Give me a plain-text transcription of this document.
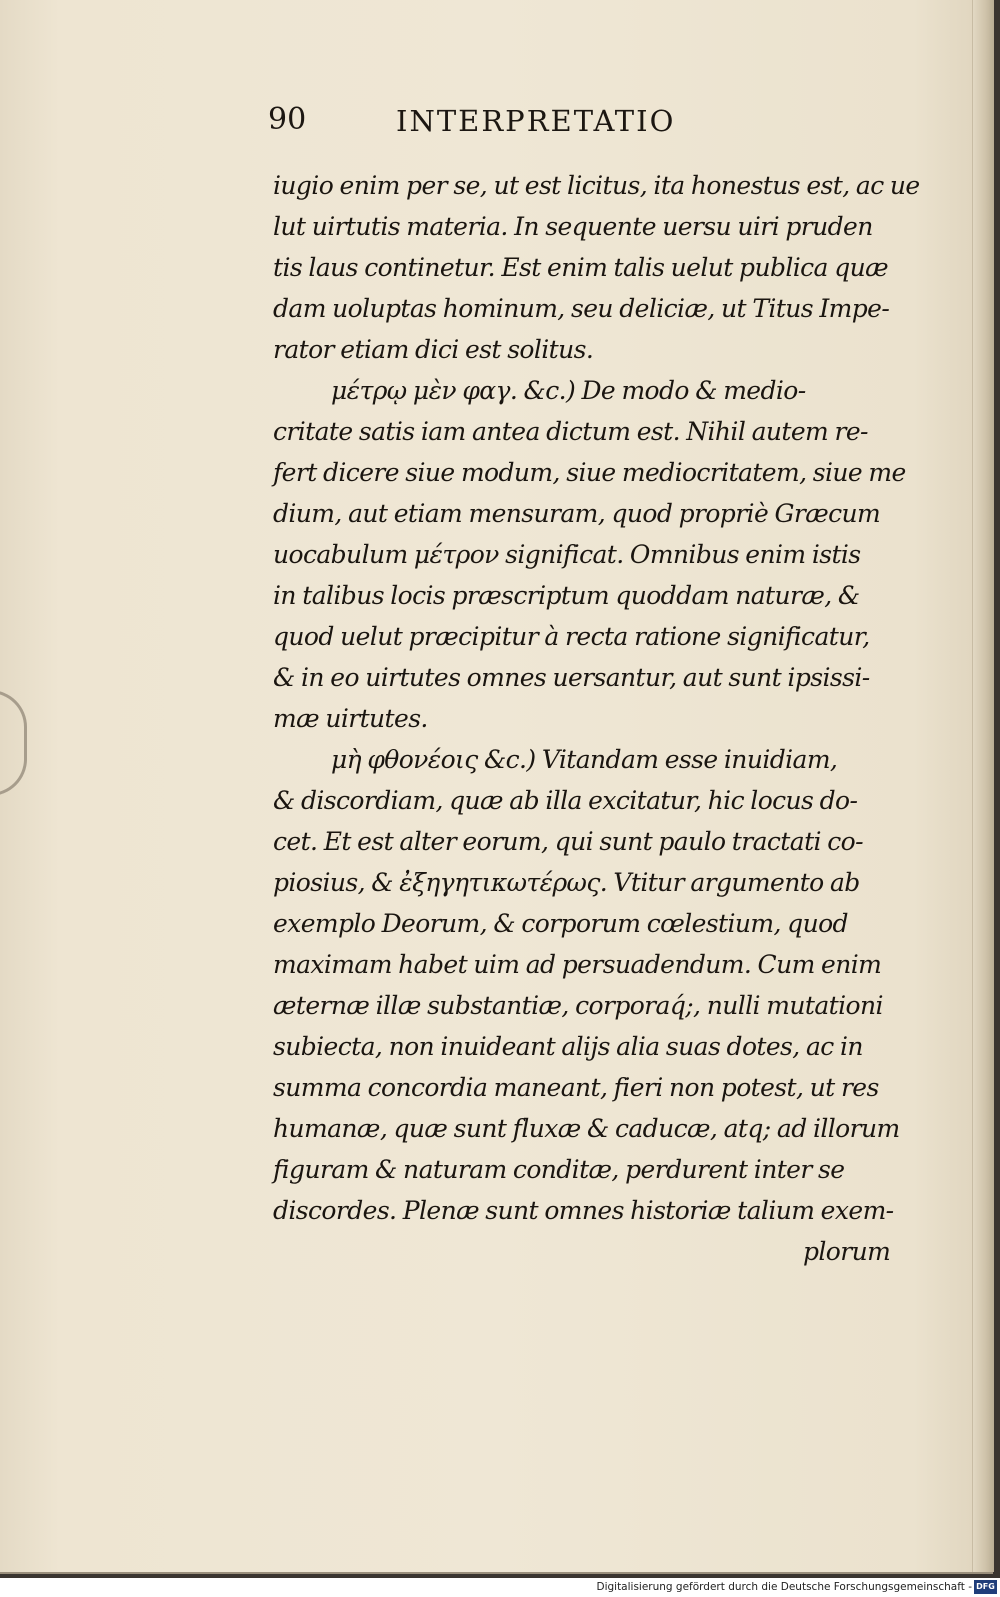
90	INTERPRETATIO
iugio enim per se, ut est licitus, ita honestus est, ac ue
lut uirtutis materia. In sequente uersu uiri pruden
tis laus continetur. Est enim talis uelut publica quæ
dam uoluptas hominum, seu deliciæ, ut Titus Impe-
rator etiam dici est solitus.
μέτρῳ μὲν φαγ. &c.) De modo & medio-
critate satis iam antea dictum est. Nihil autem re-
fert dicere siue modum, siue mediocritatem, siue me
dium, aut etiam mensuram, quod propriè Græcum
uocabulum μέτρον significat. Omnibus enim istis
in talibus locis præscriptum quoddam naturæ, &
quod uelut præcipitur à recta ratione significatur,
& in eo uirtutes omnes uersantur, aut sunt ipsissi-
mæ uirtutes.
μὴ φθονέοις &c.) Vitandam esse inuidiam,
& discordiam, quæ ab illa excitatur, hic locus do-
cet. Et est alter eorum, qui sunt paulo tractati co-
piosius, & ἐξηγητικωτέρως. Vtitur argumento ab
exemplo Deorum, & corporum cœlestium, quod
maximam habet uim ad persuadendum. Cum enim
æternæ illæ substantiæ, corporaq́;, nulli mutationi
subiecta, non inuideant alijs alia suas dotes, ac in
summa concordia maneant, fieri non potest, ut res
humanæ, quæ sunt fluxæ & caducæ, atq; ad illorum
figuram & naturam conditæ, perdurent inter se
discordes. Plenæ sunt omnes historiæ talium exem-
plorum
Digitalisierung gefördert durch die Deutsche Forschungsgemeinschaft - DFG
